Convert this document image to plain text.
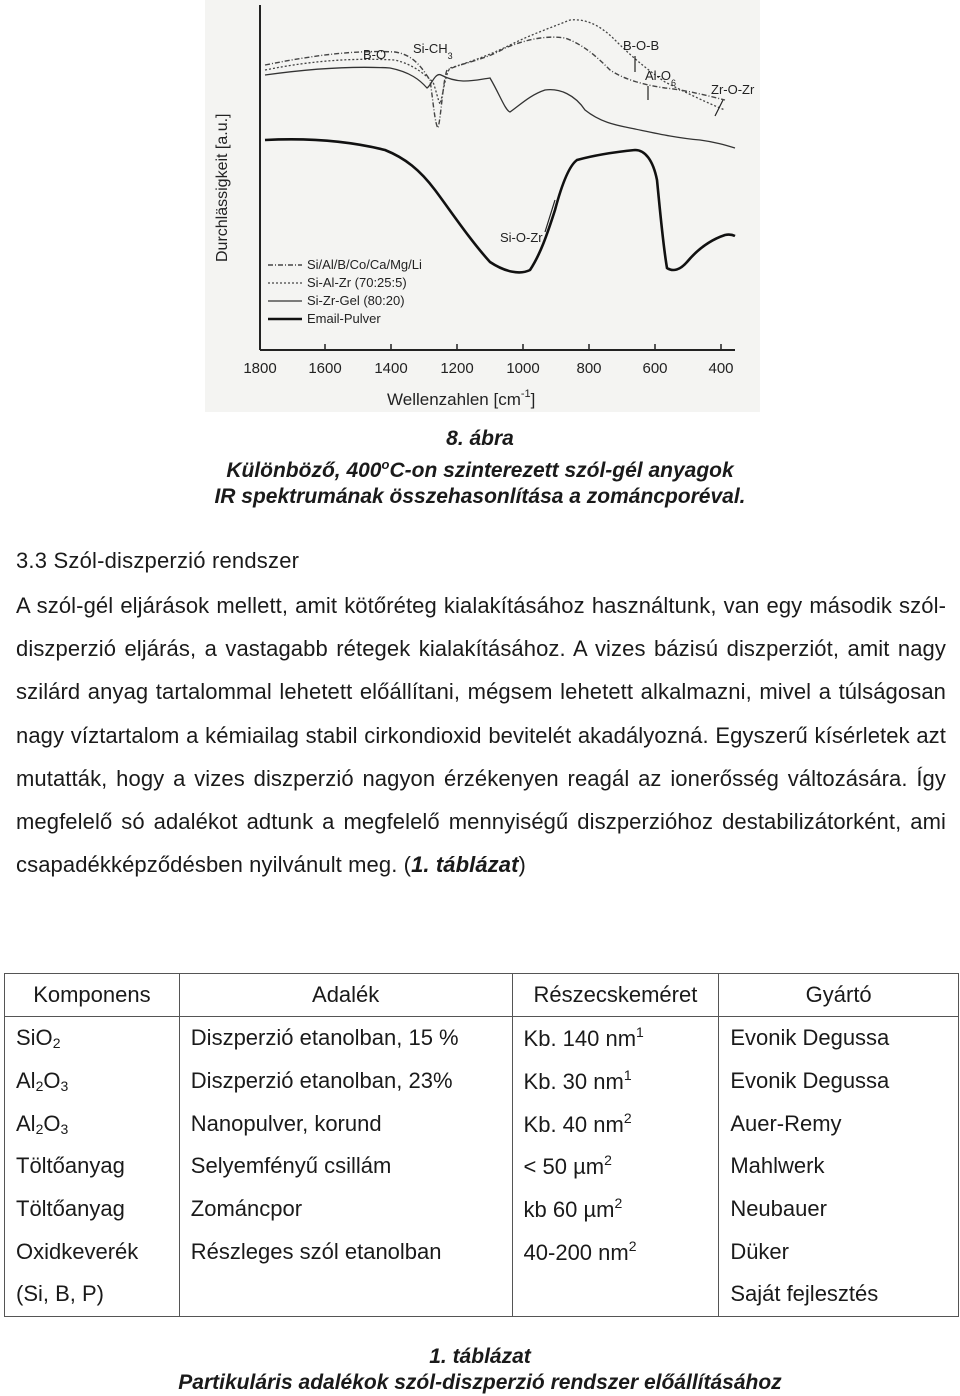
1800 1600 1400 1200 1000 800	600	400
Wellenzahlen $[cm^{-1}]$
Durchlässigkeit [a.u.]
B-O $Si-CH_3$
B-O-B
$Al-O_6$	Zr-O-Zr
Si-O-Zr
Si/Al/B/Co/Ca/Mg/Li
Si-Al-Zr (70:25:5)
Si-Zr-Gel (80:20)
Email-Pulver
8. ábra
Különböző, 400$^o$C-on szinterezett szól-gél anyagok
IR spektrumának összehasonlítása a zománcporéval.
3.3 Szól-diszperzió rendszer
A szól-gél eljárások mellett, amit kötőréteg kialakításához használtunk, van egy második szól-diszperzió eljárás, a vastagabb rétegek kialakításához. A vizes bázisú diszperziót, amit nagy szilárd anyag tartalommal lehetett előállítani, mégsem lehetett alkalmazni, mivel a túlságosan nagy víztartalom a kémiailag stabil cirkondioxid bevitelét akadályozná. Egyszerű kísérletek azt mutatták, hogy a vizes diszperzió nagyon érzékenyen reagál az ionerősség változására. Így megfelelő só adalékot adtunk a megfelelő mennyiségű diszperzióhoz destabilizátorként, ami csapadékképződésben nyilvánult meg. (1. táblázat)
Komponens	Adalék	Részecskeméret	Gyártó
SiO$_2$	Diszperzió etanolban, 15 %	Kb. 140 $nm^1$	Evonik Degussa
$Al_2O_3$	Diszperzió etanolban, 23%	Kb. 30 $nm^1$	Evonik Degussa
$Al_2O_3$	Nanopulver, korund	Kb. 40 $nm^2$	Auer-Remy
Töltőanyag	Selyemfényű csillám	< 50 µm$^2$	Mahlwerk
Töltőanyag	Zománcpor	kb 60 µm$^2$	Neubauer
Oxidkeverék	Részleges szól etanolban	40-200 $nm^2$	Düker
(Si, B, P)			Saját fejlesztés
1. táblázat
Partikuláris adalékok szól-diszperzió rendszer előállításához
